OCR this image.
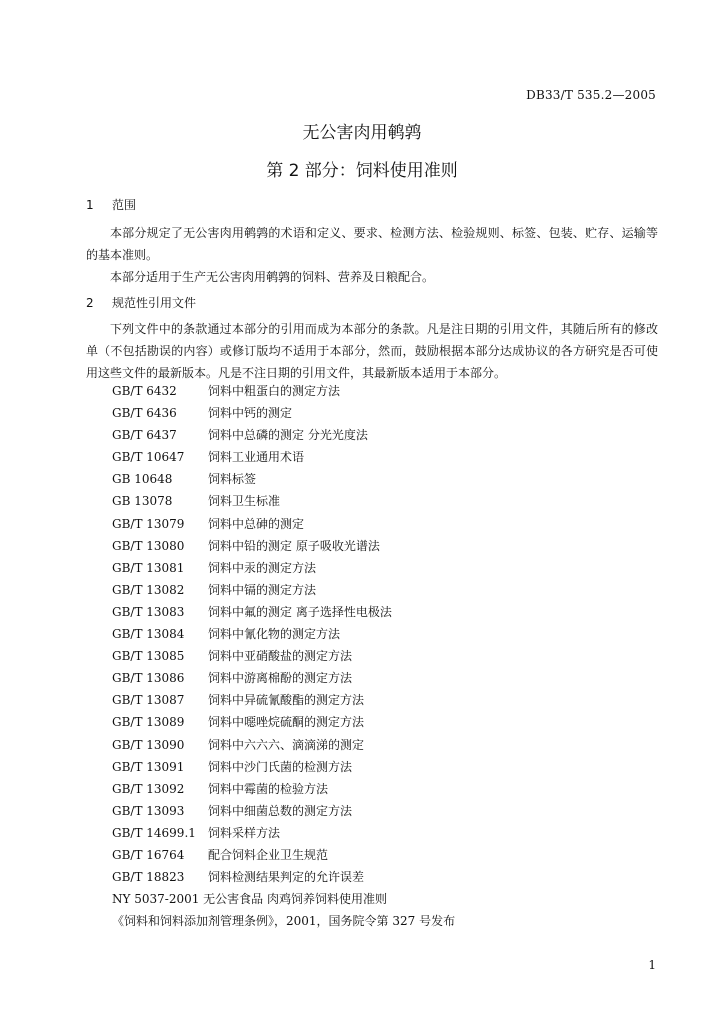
DB33/T 535.2—2005
无公害肉用鹌鹑
第 2 部分：饲料使用准则
1 范围

本部分规定了无公害肉用鹌鹑的术语和定义、要求、检测方法、检验规则、标签、包装、贮存、运输等的基本准则。

本部分适用于生产无公害肉用鹌鹑的饲料、营养及日粮配合。

2 规范性引用文件

下列文件中的条款通过本部分的引用而成为本部分的条款。凡是注日期的引用文件，其随后所有的修改单（不包括勘误的内容）或修订版均不适用于本部分，然而，鼓励根据本部分达成协议的各方研究是否可使用这些文件的最新版本。凡是不注日期的引用文件，其最新版本适用于本部分。

GB/T 6432	饲料中粗蛋白的测定方法
GB/T 6436	饲料中钙的测定
GB/T 6437	饲料中总磷的测定 分光光度法
GB/T 10647 饲料工业通用术语
GB 10648	饲料标签
GB 13078	饲料卫生标准
GB/T 13079 饲料中总砷的测定
GB/T 13080 饲料中铅的测定 原子吸收光谱法
GB/T 13081 饲料中汞的测定方法
GB/T 13082 饲料中镉的测定方法
GB/T 13083 饲料中氟的测定 离子选择性电极法
GB/T 13084 饲料中氰化物的测定方法
GB/T 13085 饲料中亚硝酸盐的测定方法
GB/T 13086 饲料中游离棉酚的测定方法
GB/T 13087 饲料中异硫氰酸酯的测定方法
GB/T 13089 饲料中噁唑烷硫酮的测定方法
GB/T 13090 饲料中六六六、滴滴涕的测定
GB/T 13091 饲料中沙门氏菌的检测方法
GB/T 13092 饲料中霉菌的检验方法
GB/T 13093 饲料中细菌总数的测定方法
GB/T 14699.1 饲料采样方法
GB/T 16764 配合饲料企业卫生规范
GB/T 18823 饲料检测结果判定的允许误差
NY 5037-2001 无公害食品 肉鸡饲养饲料使用准则
《饲料和饲料添加剂管理条例》，2001，国务院令第 327 号发布
1
